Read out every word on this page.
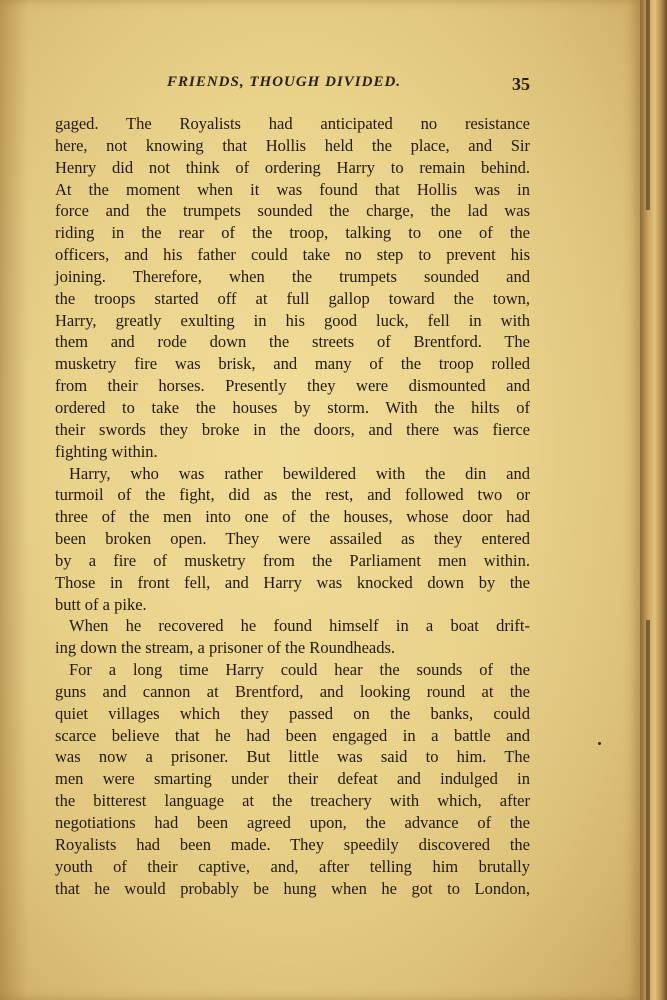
FRIENDS, THOUGH DIVIDED.	35
gaged. The Royalists had anticipated no resistance
here, not knowing that Hollis held the place, and Sir
Henry did not think of ordering Harry to remain behind.
At the moment when it was found that Hollis was in
force and the trumpets sounded the charge, the lad was
riding in the rear of the troop, talking to one of the
officers, and his father could take no step to prevent his
joining. Therefore, when the trumpets sounded and
the troops started off at full gallop toward the town,
Harry, greatly exulting in his good luck, fell in with
them and rode down the streets of Brentford. The
musketry fire was brisk, and many of the troop rolled
from their horses. Presently they were dismounted and
ordered to take the houses by storm. With the hilts of
their swords they broke in the doors, and there was fierce
fighting within.
Harry, who was rather bewildered with the din and
turmoil of the fight, did as the rest, and followed two or
three of the men into one of the houses, whose door had
been broken open. They were assailed as they entered
by a fire of musketry from the Parliament men within.
Those in front fell, and Harry was knocked down by the
butt of a pike.
When he recovered he found himself in a boat drift-
ing down the stream, a prisoner of the Roundheads.
For a long time Harry could hear the sounds of the
guns and cannon at Brentford, and looking round at the
quiet villages which they passed on the banks, could
scarce believe that he had been engaged in a battle and
was now a prisoner. But little was said to him. The
men were smarting under their defeat and indulged in
the bitterest language at the treachery with which, after
negotiations had been agreed upon, the advance of the
Royalists had been made. They speedily discovered the
youth of their captive, and, after telling him brutally
that he would probably be hung when he got to London,
